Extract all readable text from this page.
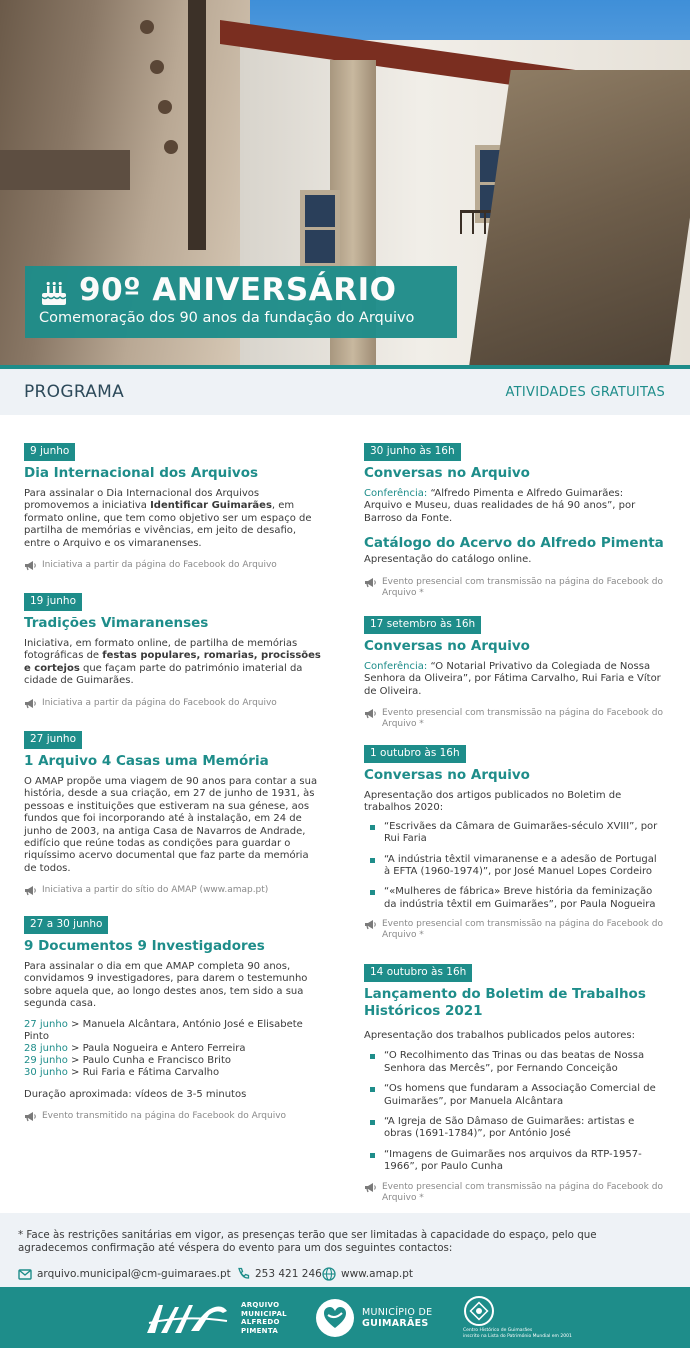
90º ANIVERSÁRIO
Comemoração dos 90 anos da fundação do Arquivo
PROGRAMA	ATIVIDADES GRATUITAS
9 junho
Dia Internacional dos Arquivos
Para assinalar o Dia Internacional dos Arquivos promovemos a iniciativa Identificar Guimarães, em formato online, que tem como objetivo ser um espaço de partilha de memórias e vivências, em jeito de desafio, entre o Arquivo e os vimaranenses.
Iniciativa a partir da página do Facebook do Arquivo
19 junho
Tradições Vimaranenses
Iniciativa, em formato online, de partilha de memórias fotográficas de festas populares, romarias, procissões e cortejos que façam parte do património imaterial da cidade de Guimarães.
Iniciativa a partir da página do Facebook do Arquivo
27 junho
1 Arquivo 4 Casas uma Memória
O AMAP propõe uma viagem de 90 anos para contar a sua história, desde a sua criação, em 27 de junho de 1931, às pessoas e instituições que estiveram na sua génese, aos fundos que foi incorporando até à instalação, em 24 de junho de 2003, na antiga Casa de Navarros de Andrade, edifício que reúne todas as condições para guardar o riquíssimo acervo documental que faz parte da memória de todos.
Iniciativa a partir do sítio do AMAP (www.amap.pt)
27 a 30 junho
9 Documentos 9 Investigadores
Para assinalar o dia em que AMAP completa 90 anos, convidamos 9 investigadores, para darem o testemunho sobre aquela que, ao longo destes anos, tem sido a sua segunda casa.
27 junho > Manuela Alcântara, António José e Elisabete Pinto
28 junho > Paula Nogueira e Antero Ferreira
29 junho > Paulo Cunha e Francisco Brito
30 junho > Rui Faria e Fátima Carvalho
Duração aproximada: vídeos de 3-5 minutos
Evento transmitido na página do Facebook do Arquivo
30 junho às 16h
Conversas no Arquivo
Conferência: “Alfredo Pimenta e Alfredo Guimarães: Arquivo e Museu, duas realidades de há 90 anos”, por Barroso da Fonte.
Catálogo do Acervo do Alfredo Pimenta
Apresentação do catálogo online.
Evento presencial com transmissão na página do Facebook do Arquivo *
17 setembro às 16h
Conversas no Arquivo
Conferência: “O Notarial Privativo da Colegiada de Nossa Senhora da Oliveira”, por Fátima Carvalho, Rui Faria e Vítor de Oliveira.
Evento presencial com transmissão na página do Facebook do Arquivo *
1 outubro às 16h
Conversas no Arquivo
Apresentação dos artigos publicados no Boletim de trabalhos 2020:
“Escrivães da Câmara de Guimarães-século XVIII”, por Rui Faria
“A indústria têxtil vimaranense e a adesão de Portugal à EFTA (1960-1974)”, por José Manuel Lopes Cordeiro
“«Mulheres de fábrica» Breve história da feminização da indústria têxtil em Guimarães”, por Paula Nogueira
Evento presencial com transmissão na página do Facebook do Arquivo *
14 outubro às 16h
Lançamento do Boletim de Trabalhos Históricos 2021
Apresentação dos trabalhos publicados pelos autores:
“O Recolhimento das Trinas ou das beatas de Nossa Senhora das Mercês”, por Fernando Conceição
“Os homens que fundaram a Associação Comercial de Guimarães”, por Manuela Alcântara
“A Igreja de São Dâmaso de Guimarães: artistas e obras (1691-1784)”, por António José
“Imagens de Guimarães nos arquivos da RTP-1957-1966”, por Paulo Cunha
Evento presencial com transmissão na página do Facebook do Arquivo *
* Face às restrições sanitárias em vigor, as presenças terão que ser limitadas à capacidade do espaço, pelo que agradecemos confirmação até véspera do evento para um dos seguintes contactos:
arquivo.municipal@cm-guimaraes.pt 253 421 246 www.amap.pt
ARQUIVO
MUNICIPAL
ALFREDO
PIMENTA
MUNICÍPIO DE
GUIMARÃES
Centro Histórico de Guimarães
inscrito na Lista do Património Mundial em 2001
